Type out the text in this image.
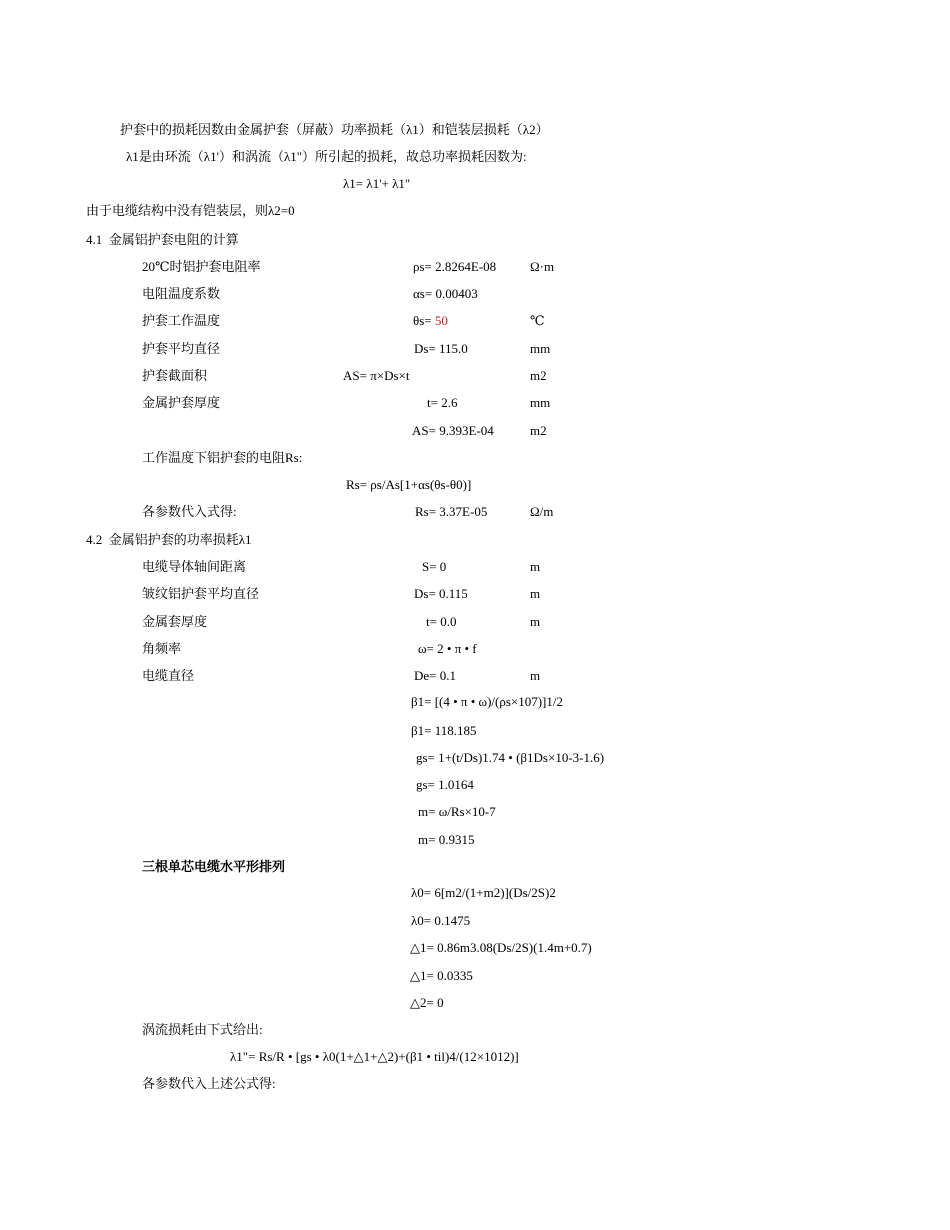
护套中的损耗因数由金属护套（屏蔽）功率损耗（λ1）和铠装层损耗（λ2）
λ1是由环流（λ1'）和涡流（λ1"）所引起的损耗，故总功率损耗因数为:
λ1= λ1'+ λ1"
由于电缆结构中没有铠装层，则λ2=0
4.1  金属铝护套电阻的计算
20℃时铝护套电阻率	ρs= 2.8264E-08	Ω·m
电阻温度系数	αs= 0.00403
护套工作温度	θs= 50	℃
护套平均直径	Ds= 115.0	mm
护套截面积	AS= π×Ds×t	m2
金属护套厚度	t= 2.6	mm
AS= 9.393E-04	m2
工作温度下铝护套的电阻Rs:
Rs= ρs/As[1+αs(θs-θ0)]
各参数代入式得:	Rs= 3.37E-05	Ω/m
4.2  金属铝护套的功率损耗λ1
电缆导体轴间距离	S= 0	m
皱纹铝护套平均直径	Ds= 0.115	m
金属套厚度	t= 0.0	m
角频率	ω= 2 • π • f
电缆直径	De= 0.1	m
β1= [(4 • π • ω)/(ρs×107)]1/2
β1= 118.185
gs= 1+(t/Ds)1.74 • (β1Ds×10-3-1.6)
gs= 1.0164
m= ω/Rs×10-7
m= 0.9315
三根单芯电缆水平形排列
λ0= 6[m2/(1+m2)](Ds/2S)2
λ0= 0.1475
△1= 0.86m3.08(Ds/2S)(1.4m+0.7)
△1= 0.0335
△2= 0
涡流损耗由下式给出:
λ1"= Rs/R • [gs • λ0(1+△1+△2)+(β1 • til)4/(12×1012)]
各参数代入上述公式得:
